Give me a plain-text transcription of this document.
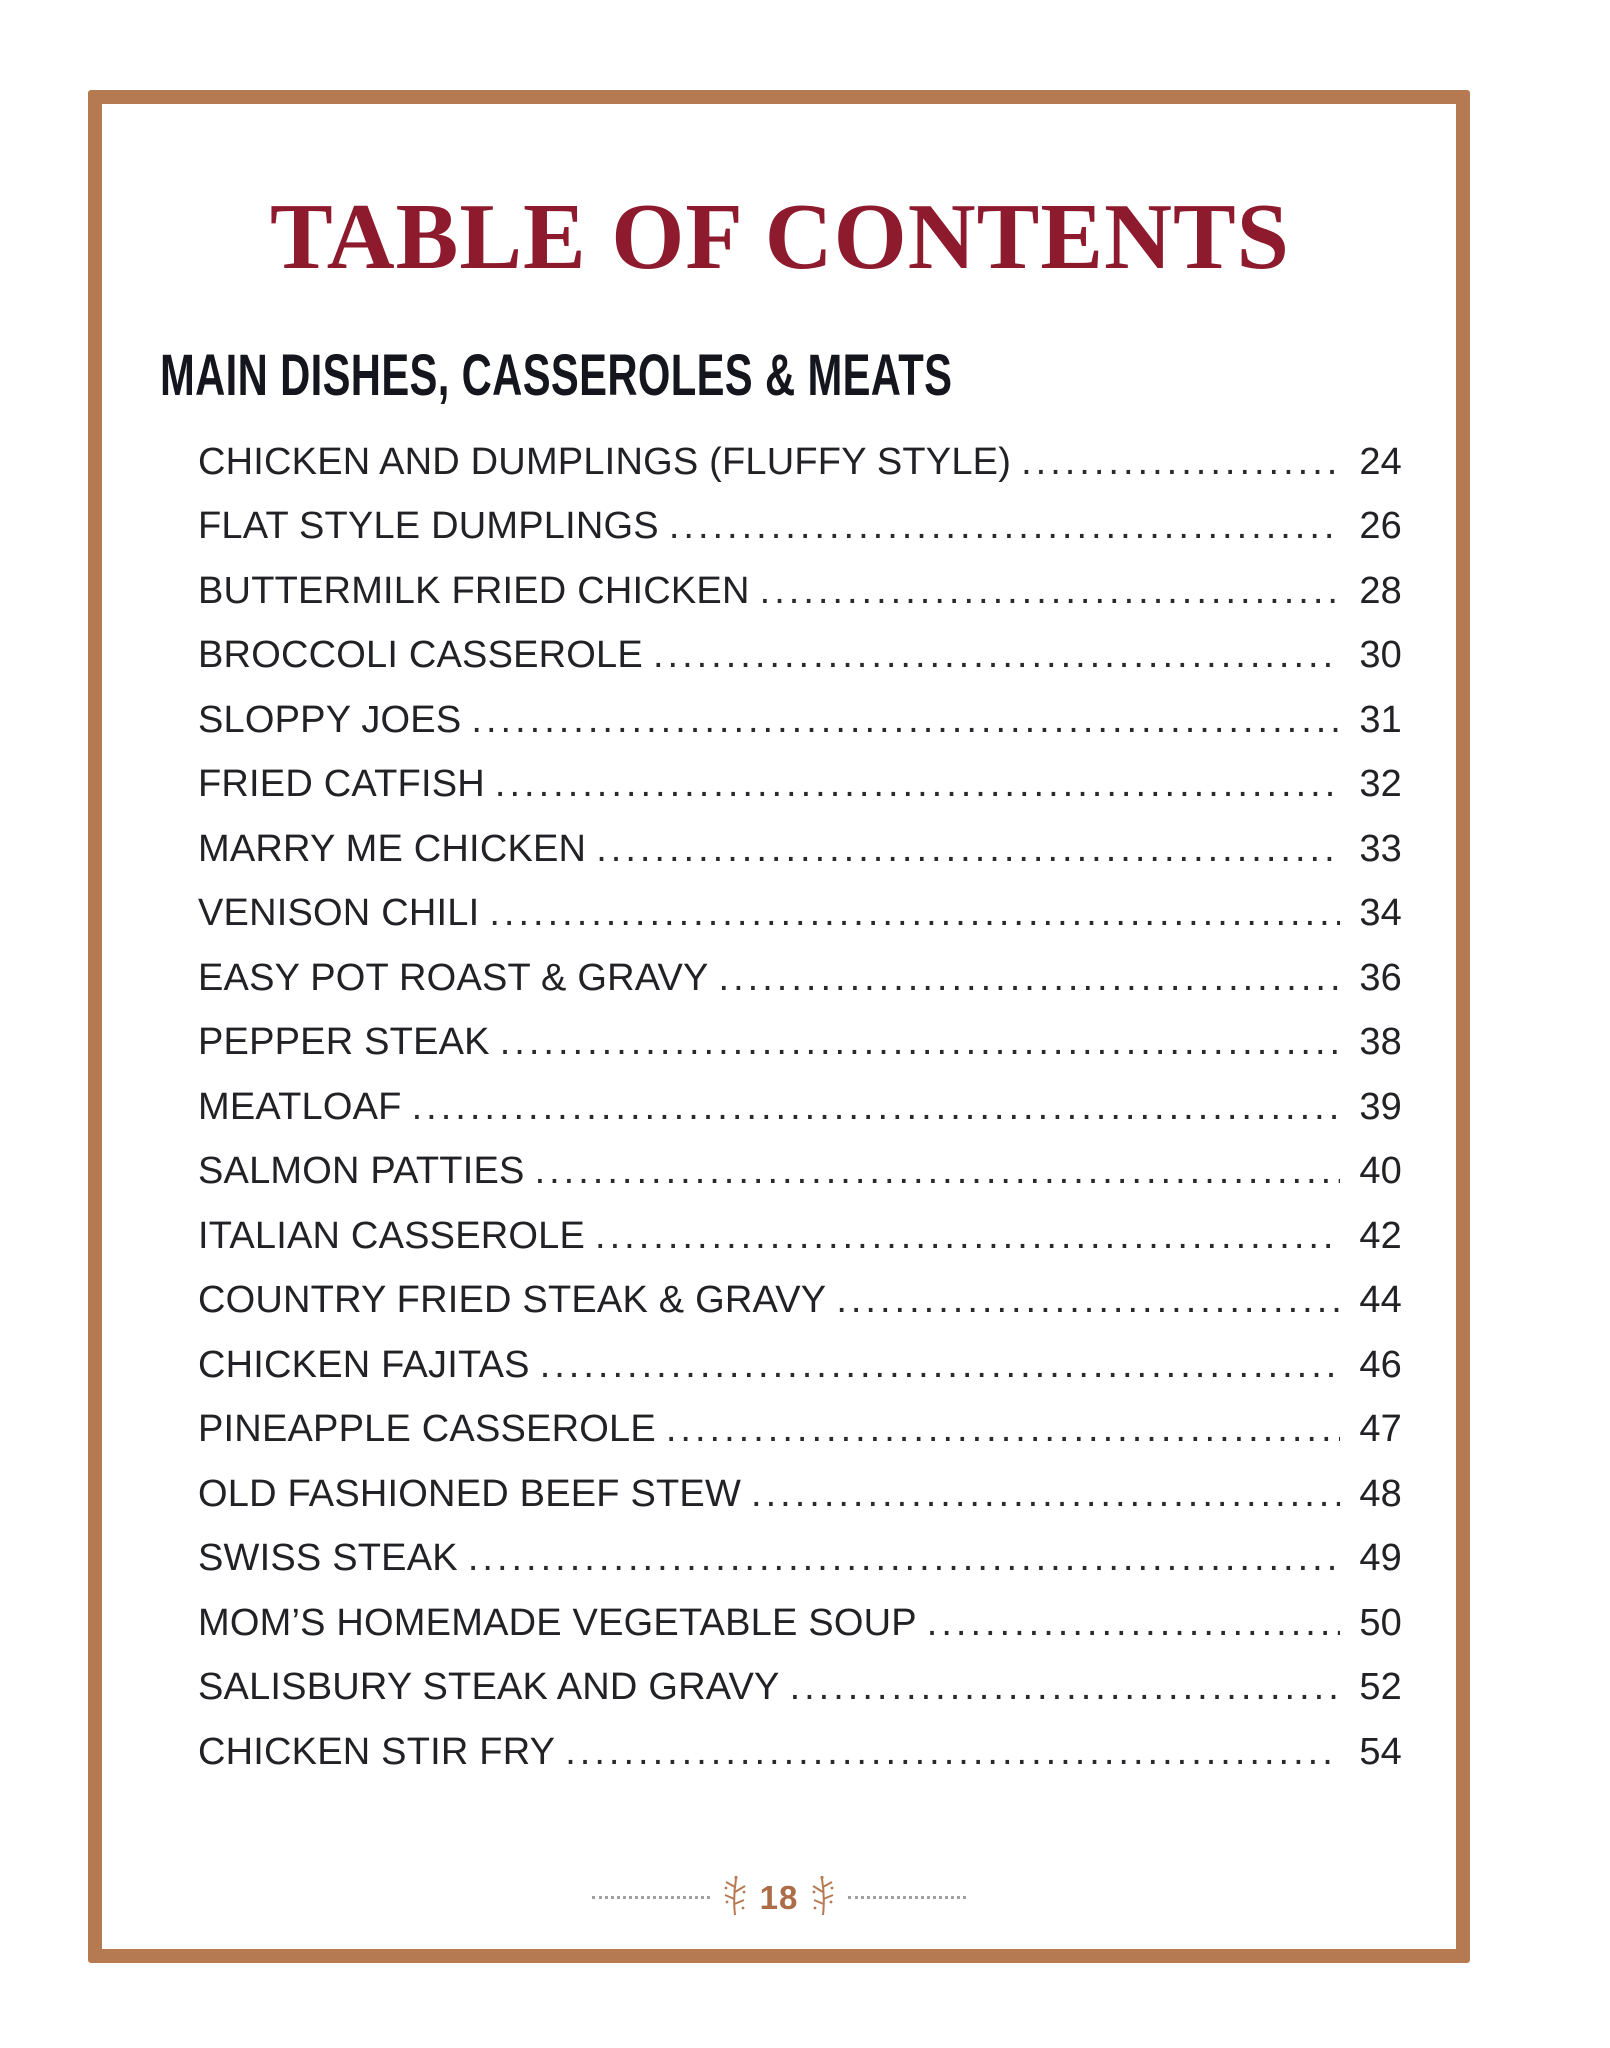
TABLE OF CONTENTS
MAIN DISHES, CASSEROLES & MEATS
CHICKEN AND DUMPLINGS (FLUFFY STYLE) .....	24
FLAT STYLE DUMPLINGS .....	26
BUTTERMILK FRIED CHICKEN .....	28
BROCCOLI CASSEROLE .....	30
SLOPPY JOES .....	31
FRIED CATFISH .....	32
MARRY ME CHICKEN .....	33
VENISON CHILI .....	34
EASY POT ROAST & GRAVY .....	36
PEPPER STEAK .....	38
MEATLOAF .....	39
SALMON PATTIES .....	40
ITALIAN CASSEROLE .....	42
COUNTRY FRIED STEAK & GRAVY .....	44
CHICKEN FAJITAS .....	46
PINEAPPLE CASSEROLE .....	47
OLD FASHIONED BEEF STEW .....	48
SWISS STEAK .....	49
MOM’S HOMEMADE VEGETABLE SOUP .....	50
SALISBURY STEAK AND GRAVY .....	52
CHICKEN STIR FRY .....	54
18
